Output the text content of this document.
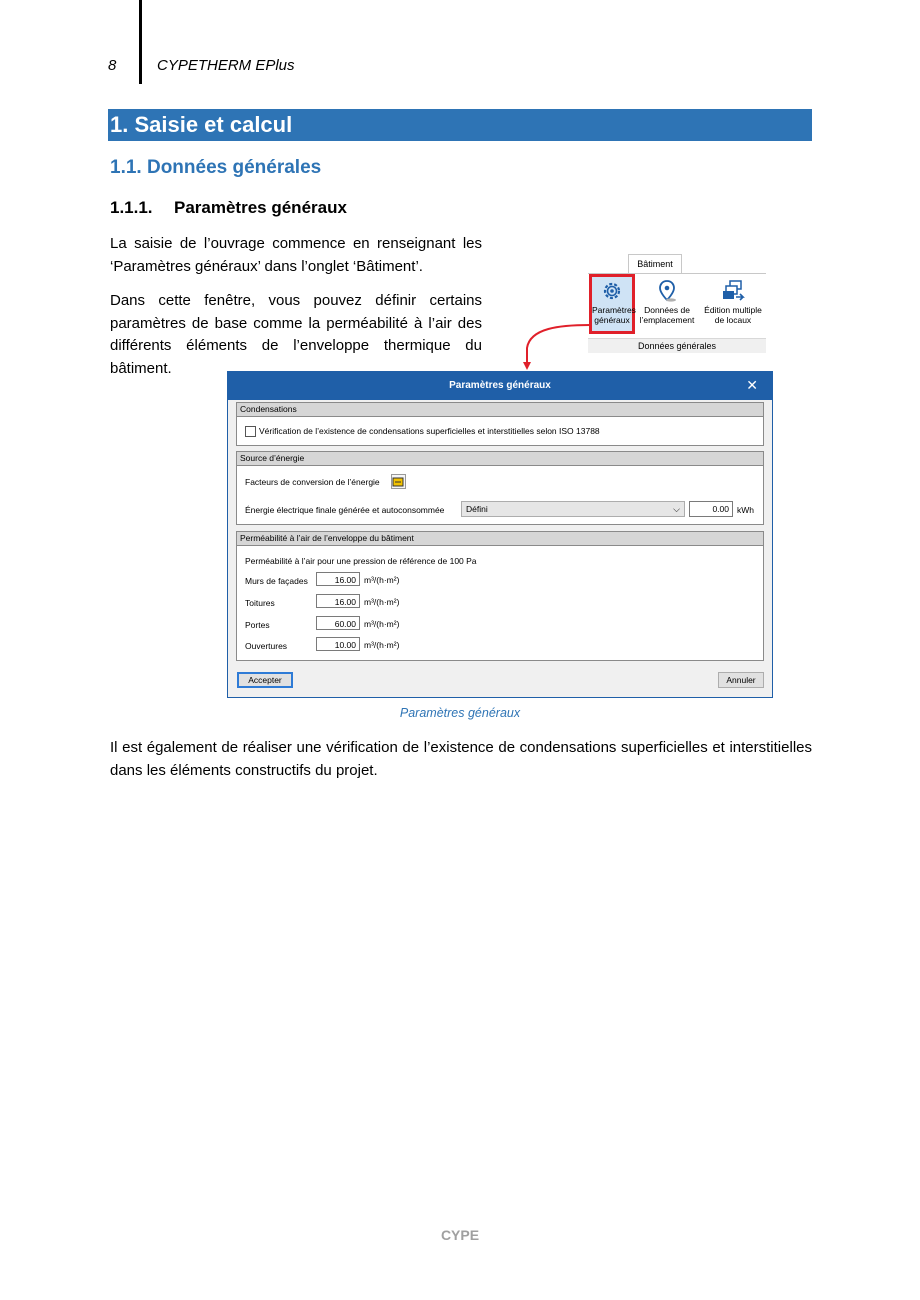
8	CYPETHERM EPlus
1. Saisie et calcul
1.1. Données générales
1.1.1. Paramètres généraux
La saisie de l’ouvrage commence en renseignant les ‘Paramètres généraux’ dans l’onglet ‘Bâtiment’.
Dans cette fenêtre, vous pouvez définir certains paramètres de base comme la perméabilité à l’air des différents éléments de l’enveloppe thermique du bâtiment.
Bâtiment
Paramètres
généraux
Données de
l’emplacement
Édition multiple
de locaux
Données générales
Paramètres généraux	✕
Condensations
Vérification de l’existence de condensations superficielles et interstitielles selon ISO 13788
Source d’énergie
Facteurs de conversion de l’énergie
Énergie électrique finale générée et autoconsommée	Défini	⌵	0.00 kWh
Perméabilité à l’air de l’enveloppe du bâtiment
Perméabilité à l’air pour une pression de référence de 100 Pa
Murs de façades	16.00 m³/(h·m²)
Toitures	16.00 m³/(h·m²)
Portes	60.00 m³/(h·m²)
Ouvertures	10.00 m³/(h·m²)
Accepter	Annuler
Paramètres généraux
Il est également de réaliser une vérification de l’existence de condensations superficielles et interstitielles dans les éléments constructifs du projet.
CYPE
